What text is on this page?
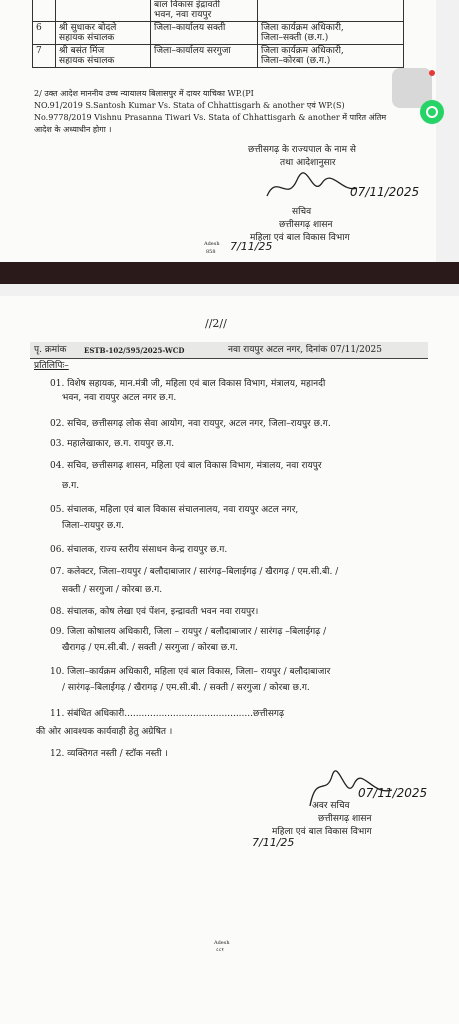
		बाल विकास इंद्रावती
भवन, नवा रायपुर	
6	श्री सुधाकर बोदले
सहायक संचालक	जिला–कार्यालय सक्ती	जिला कार्यक्रम अधिकारी,
जिला–सक्ती (छ.ग.)
7	श्री बसंत मिंज
सहायक संचालक	जिला–कार्यालय सरगुजा	जिला कार्यक्रम अधिकारी,
जिला–कोरबा (छ.ग.)
2/ उक्त आदेश माननीय उच्च न्यायालय बिलासपुर में दायर याचिका WP.(PI
NO.91/2019 S.Santosh Kumar Vs. Stata of Chhattisgarh & another एवं WP.(S)
No.9778/2019 Vishnu Prasanna Tiwari Vs. Stata of Chhattisgarh & another में पारित अंतिम
आदेश के अध्याधीन होगा ।
छत्तीसगढ़ के राज्यपाल के नाम से
तथा आदेशानुसार
07/11/2025
सचिव
छत्तीसगढ़ शासन
महिला एवं बाल विकास विभाग
7/11/25
Adesh
858
//2//
पृ. क्रमांक	ESTB-102/595/2025-WCD	नवा रायपुर अटल नगर, दिनांक 07/11/2025
प्रतिलिपिः–
01. विशेष सहायक, मान.मंत्री जी, महिला एवं बाल विकास विभाग, मंत्रालय, महानदी
भवन, नवा रायपुर अटल नगर छ.ग.
02. सचिव, छत्तीसगढ़ लोक सेवा आयोग, नवा रायपुर, अटल नगर, जिला–रायपुर छ.ग.
03. महालेखाकार, छ.ग. रायपुर छ.ग.
04. सचिव, छत्तीसगढ़ शासन, महिला एवं बाल विकास विभाग, मंत्रालय, नवा रायपुर
छ.ग.
05. संचालक, महिला एवं बाल विकास संचालनालय, नवा रायपुर अटल नगर,
जिला–रायपुर छ.ग.
06. संचालक, राज्य स्तरीय संसाधन केन्द्र रायपुर छ.ग.
07. कलेक्टर, जिला–रायपुर / बलौदाबाजार / सारंगढ़–बिलाईगढ़ / खैरागढ़ / एम.सी.बी. /
सक्ती / सरगुजा / कोरबा छ.ग.
08. संचालक, कोष लेखा एवं पेंशन, इन्द्रावती भवन नवा रायपुर।
09. जिला कोषालय अधिकारी, जिला – रायपुर / बलौदाबाजार / सारंगढ़ –बिलाईगढ़ /
खैरागढ़ / एम.सी.बी. / सक्ती / सरगुजा / कोरबा छ.ग.
10. जिला–कार्यक्रम अधिकारी, महिला एवं बाल विकास, जिला– रायपुर / बलौदाबाजार
/ सारंगढ़–बिलाईगढ़ / खैरागढ़ / एम.सी.बी. / सक्ती / सरगुजा / कोरबा छ.ग.
11. संबंधित अधिकारी.............................................छत्तीसगढ़
की ओर आवश्यक कार्यवाही हेतु अग्रेषित ।
12. व्यक्तिगत नस्ती / स्टॉक नस्ती ।
07/11/2025
अवर सचिव
छत्तीसगढ़ शासन
महिला एवं बाल विकास विभाग
7/11/25
Adesh
८८१
